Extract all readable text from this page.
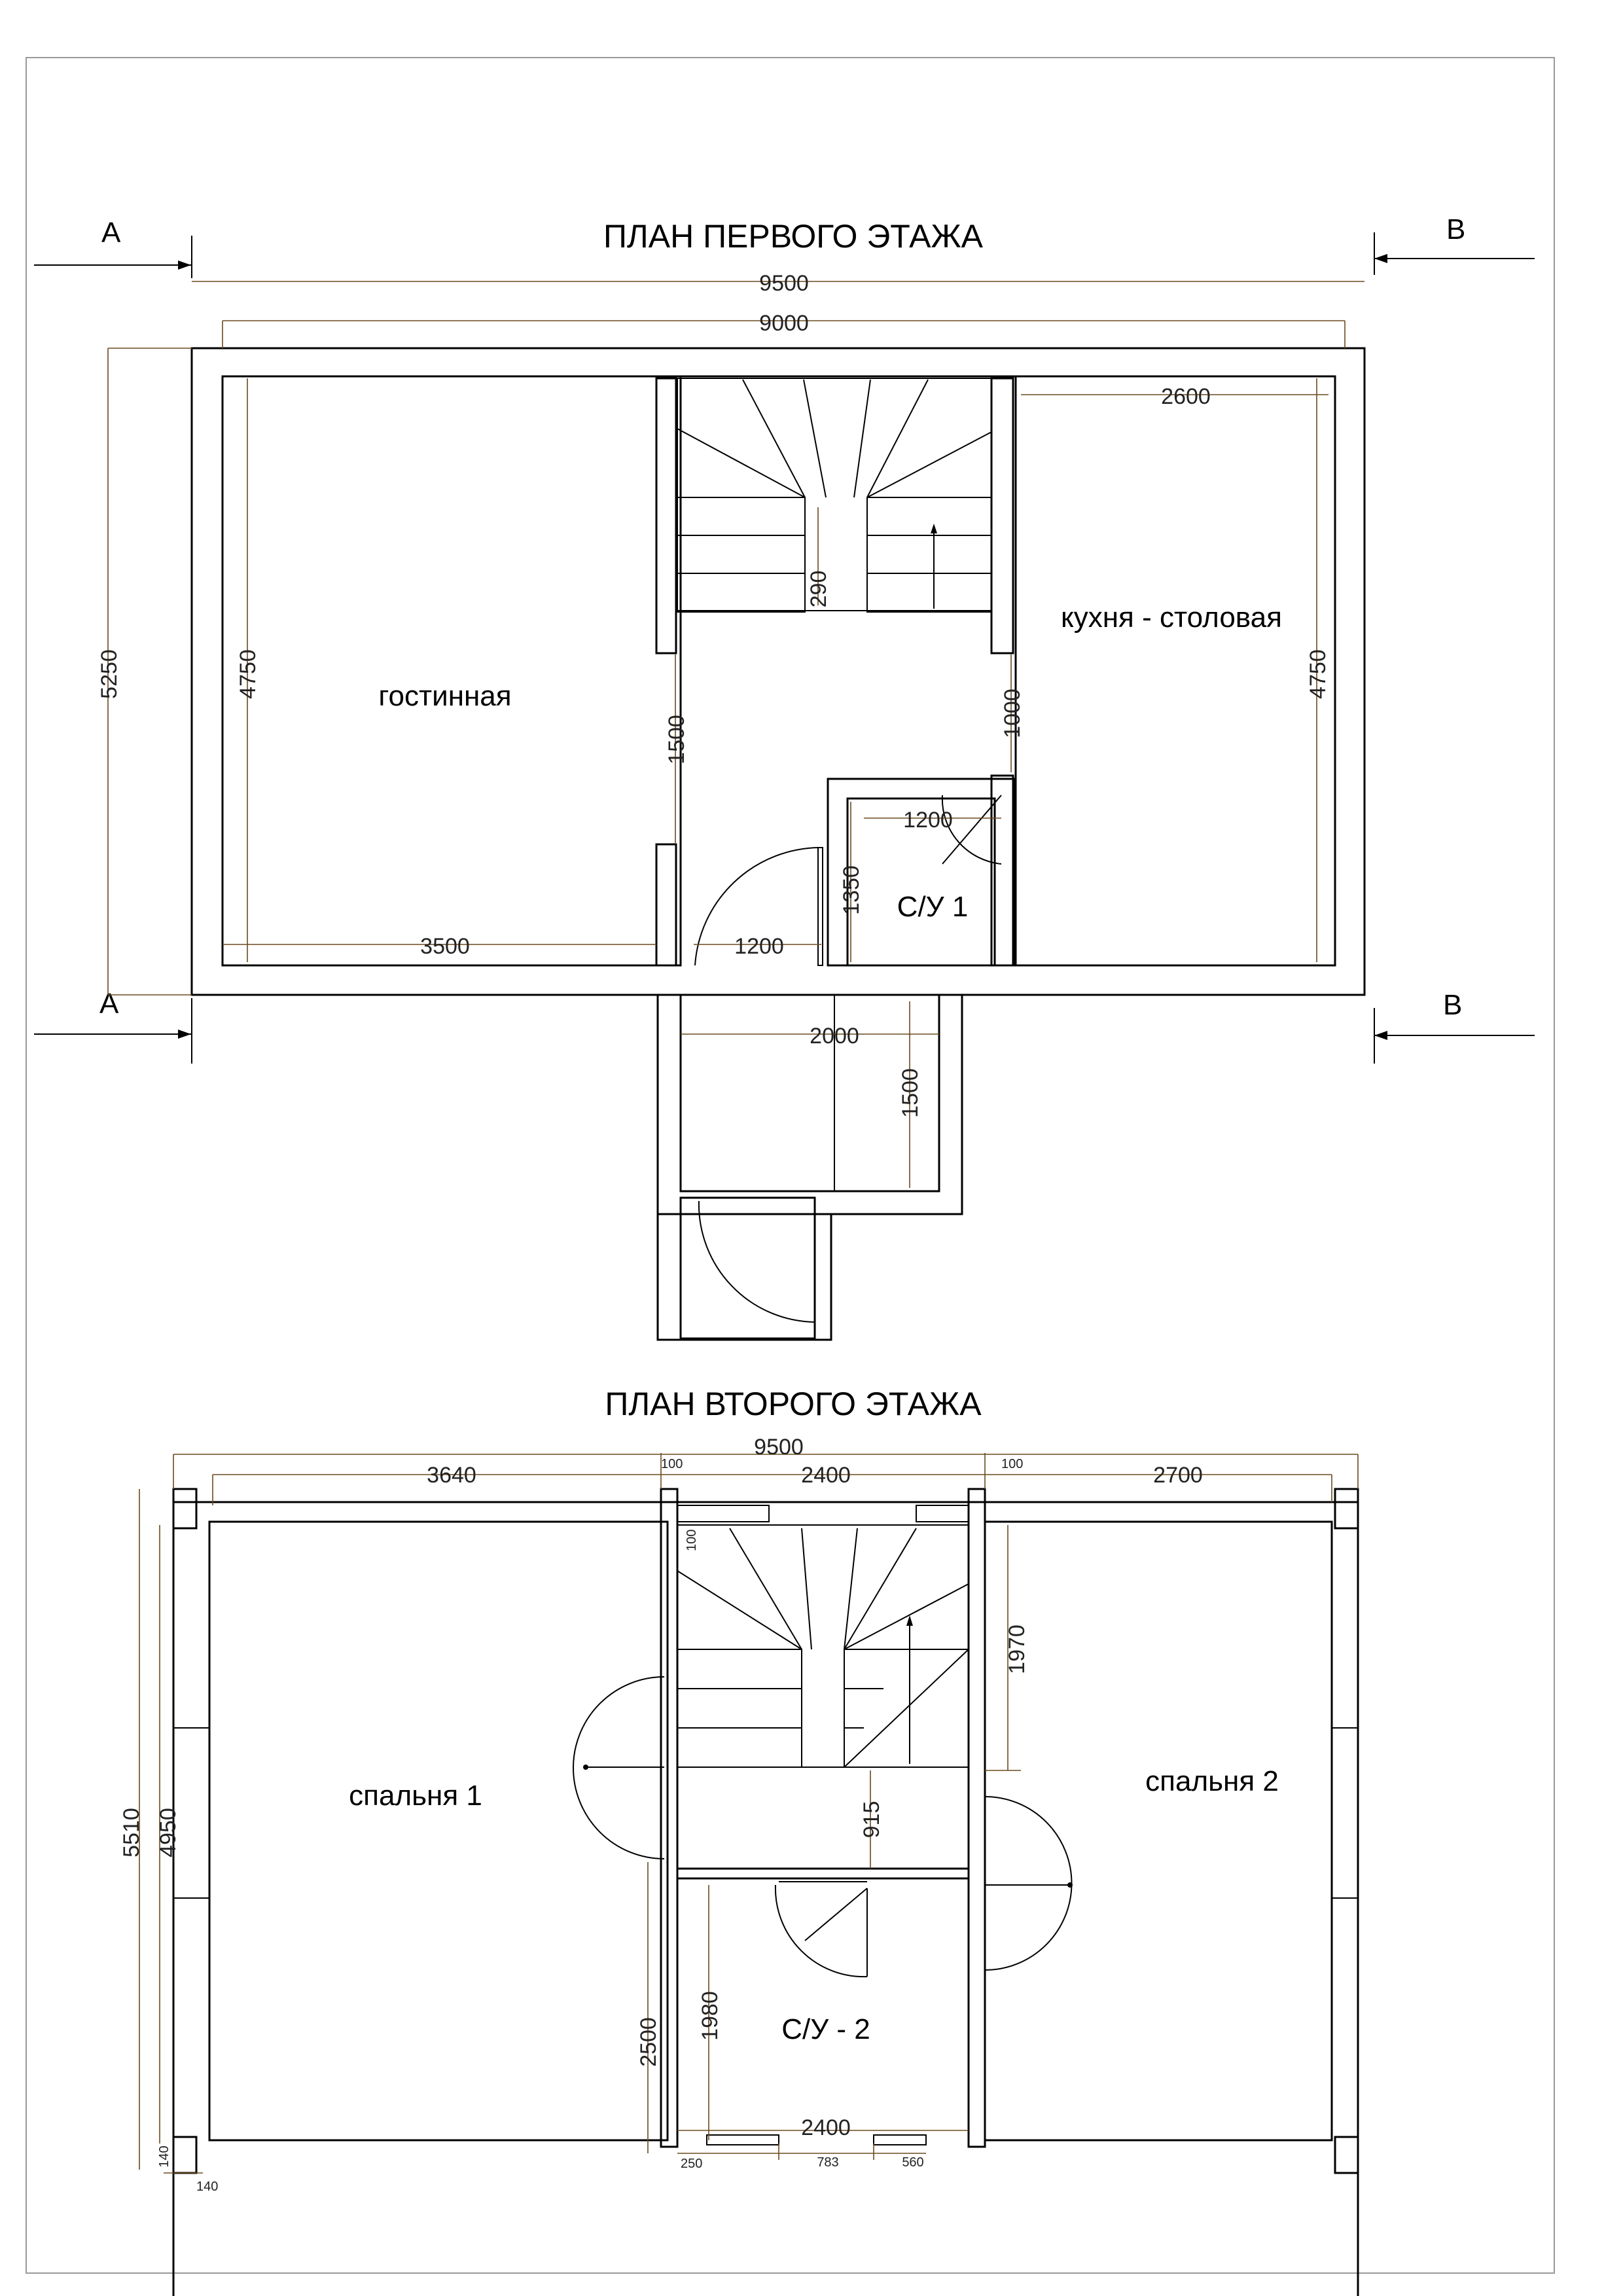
ПЛАН ПЕРВОГО ЭТАЖА
A	B
A	B
9500
9000
5250	4750	4750
2600
290
1500
1000
1200
1350
3500	1200
2000
1500
гостинная
кухня - столовая
С/У 1
ПЛАН ВТОРОГО ЭТАЖА
9500
3640	2400	2700
100	100
100
5510 4950
1970
915
2500
1980
2400
140
140
250	783	560
спальня 1	спальня 2
С/У - 2
